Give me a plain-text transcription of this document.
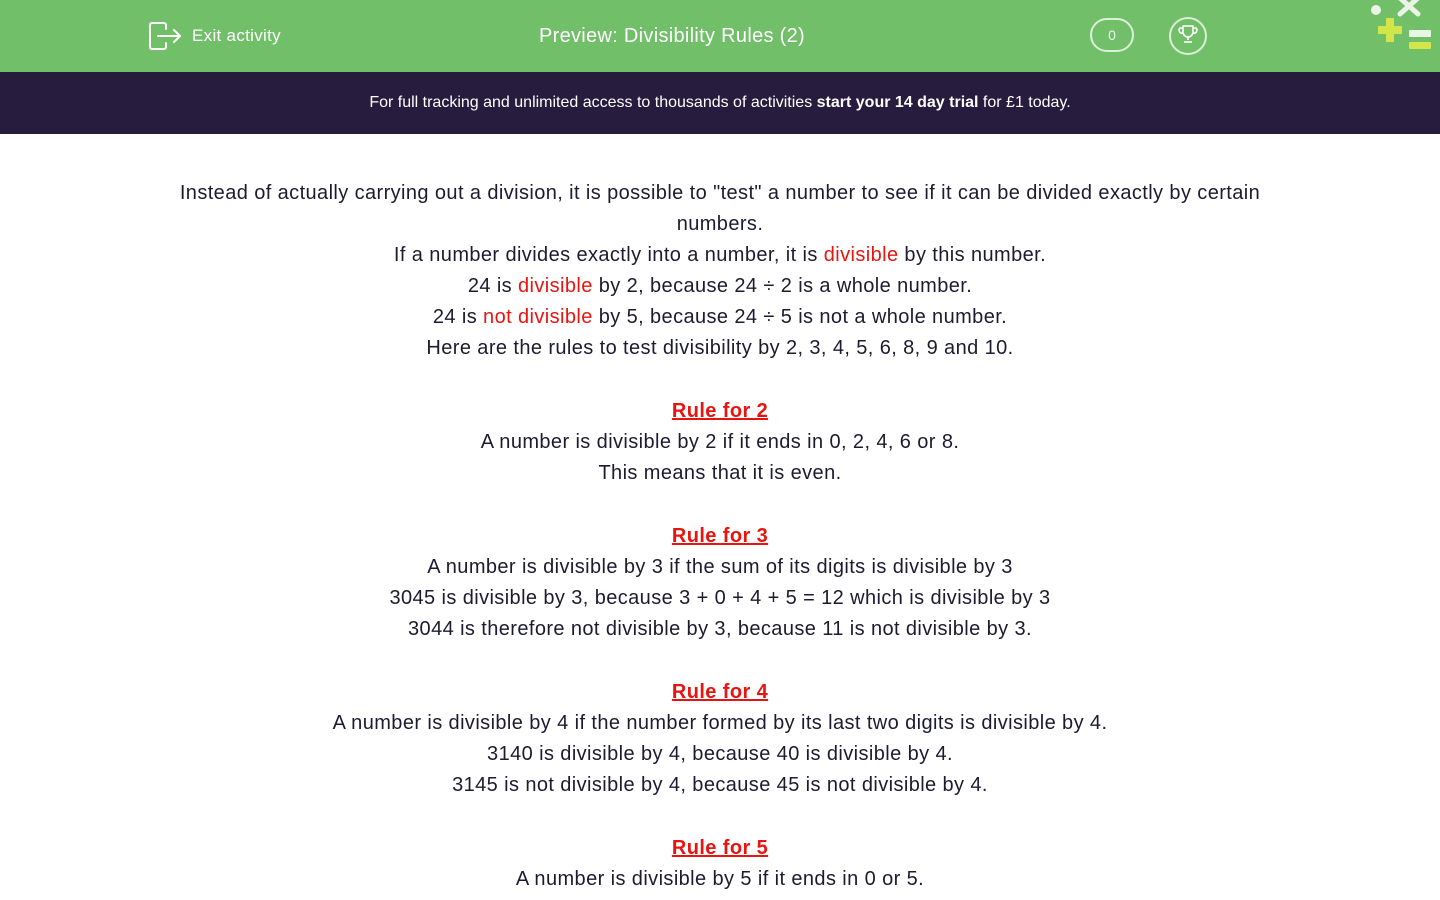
Exit activity	Preview: Divisibility Rules (2)	0
For full tracking and unlimited access to thousands of activities start your 14 day trial for £1 today.

Instead of actually carrying out a division, it is possible to "test" a number to see if it can be divided exactly by certain numbers.

If a number divides exactly into a number, it is divisible by this number.

24 is divisible by 2, because 24 ÷ 2 is a whole number.

24 is not divisible by 5, because 24 ÷ 5 is not a whole number.

Here are the rules to test divisibility by 2, 3, 4, 5, 6, 8, 9 and 10.

Rule for 2

A number is divisible by 2 if it ends in 0, 2, 4, 6 or 8.

This means that it is even.

Rule for 3

A number is divisible by 3 if the sum of its digits is divisible by 3

3045 is divisible by 3, because 3 + 0 + 4 + 5 = 12 which is divisible by 3

3044 is therefore not divisible by 3, because 11 is not divisible by 3.

Rule for 4

A number is divisible by 4 if the number formed by its last two digits is divisible by 4.

3140 is divisible by 4, because 40 is divisible by 4.

3145 is not divisible by 4, because 45 is not divisible by 4.

Rule for 5

A number is divisible by 5 if it ends in 0 or 5.
